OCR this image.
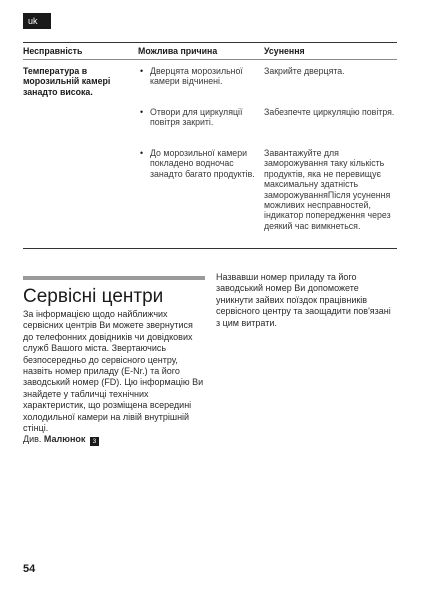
uk
Несправність	Можлива причина	Усунення
Температура в морозильній камері занадто висока.
• Дверцята морозильної камери відчинені.
• Отвори для циркуляції повітря закриті.
• До морозильної камери покладено водночас занадто багато продуктів.
Закрийте дверцята.
Забезпечте циркуляцію повітря.
Завантажуйте для заморожування таку кількість продуктів, яка не перевищує максимальну здатність заморожуванняПісля усунення можливих несправностей, індикатор попередження через деякий час вимкнеться.
Сервісні центри
За інформацією щодо найближчих сервісних центрів Ви можете звернутися до телефонних довідників чи довідкових служб Вашого міста. Звертаючись безпосередньо до сервісного центру, назвіть номер приладу (E-Nr.) та його заводський номер (FD). Цю інформацію Ви знайдете у табличці технічних характеристик, що розміщена всередині холодильної камери на лівій внутрішній стінці.
Див. Малюнок 3
Назвавши номер приладу та його заводський номер Ви допоможете уникнути зайвих поїздок працівників сервісного центру та заощадити пов'язані з цим витрати.
54
